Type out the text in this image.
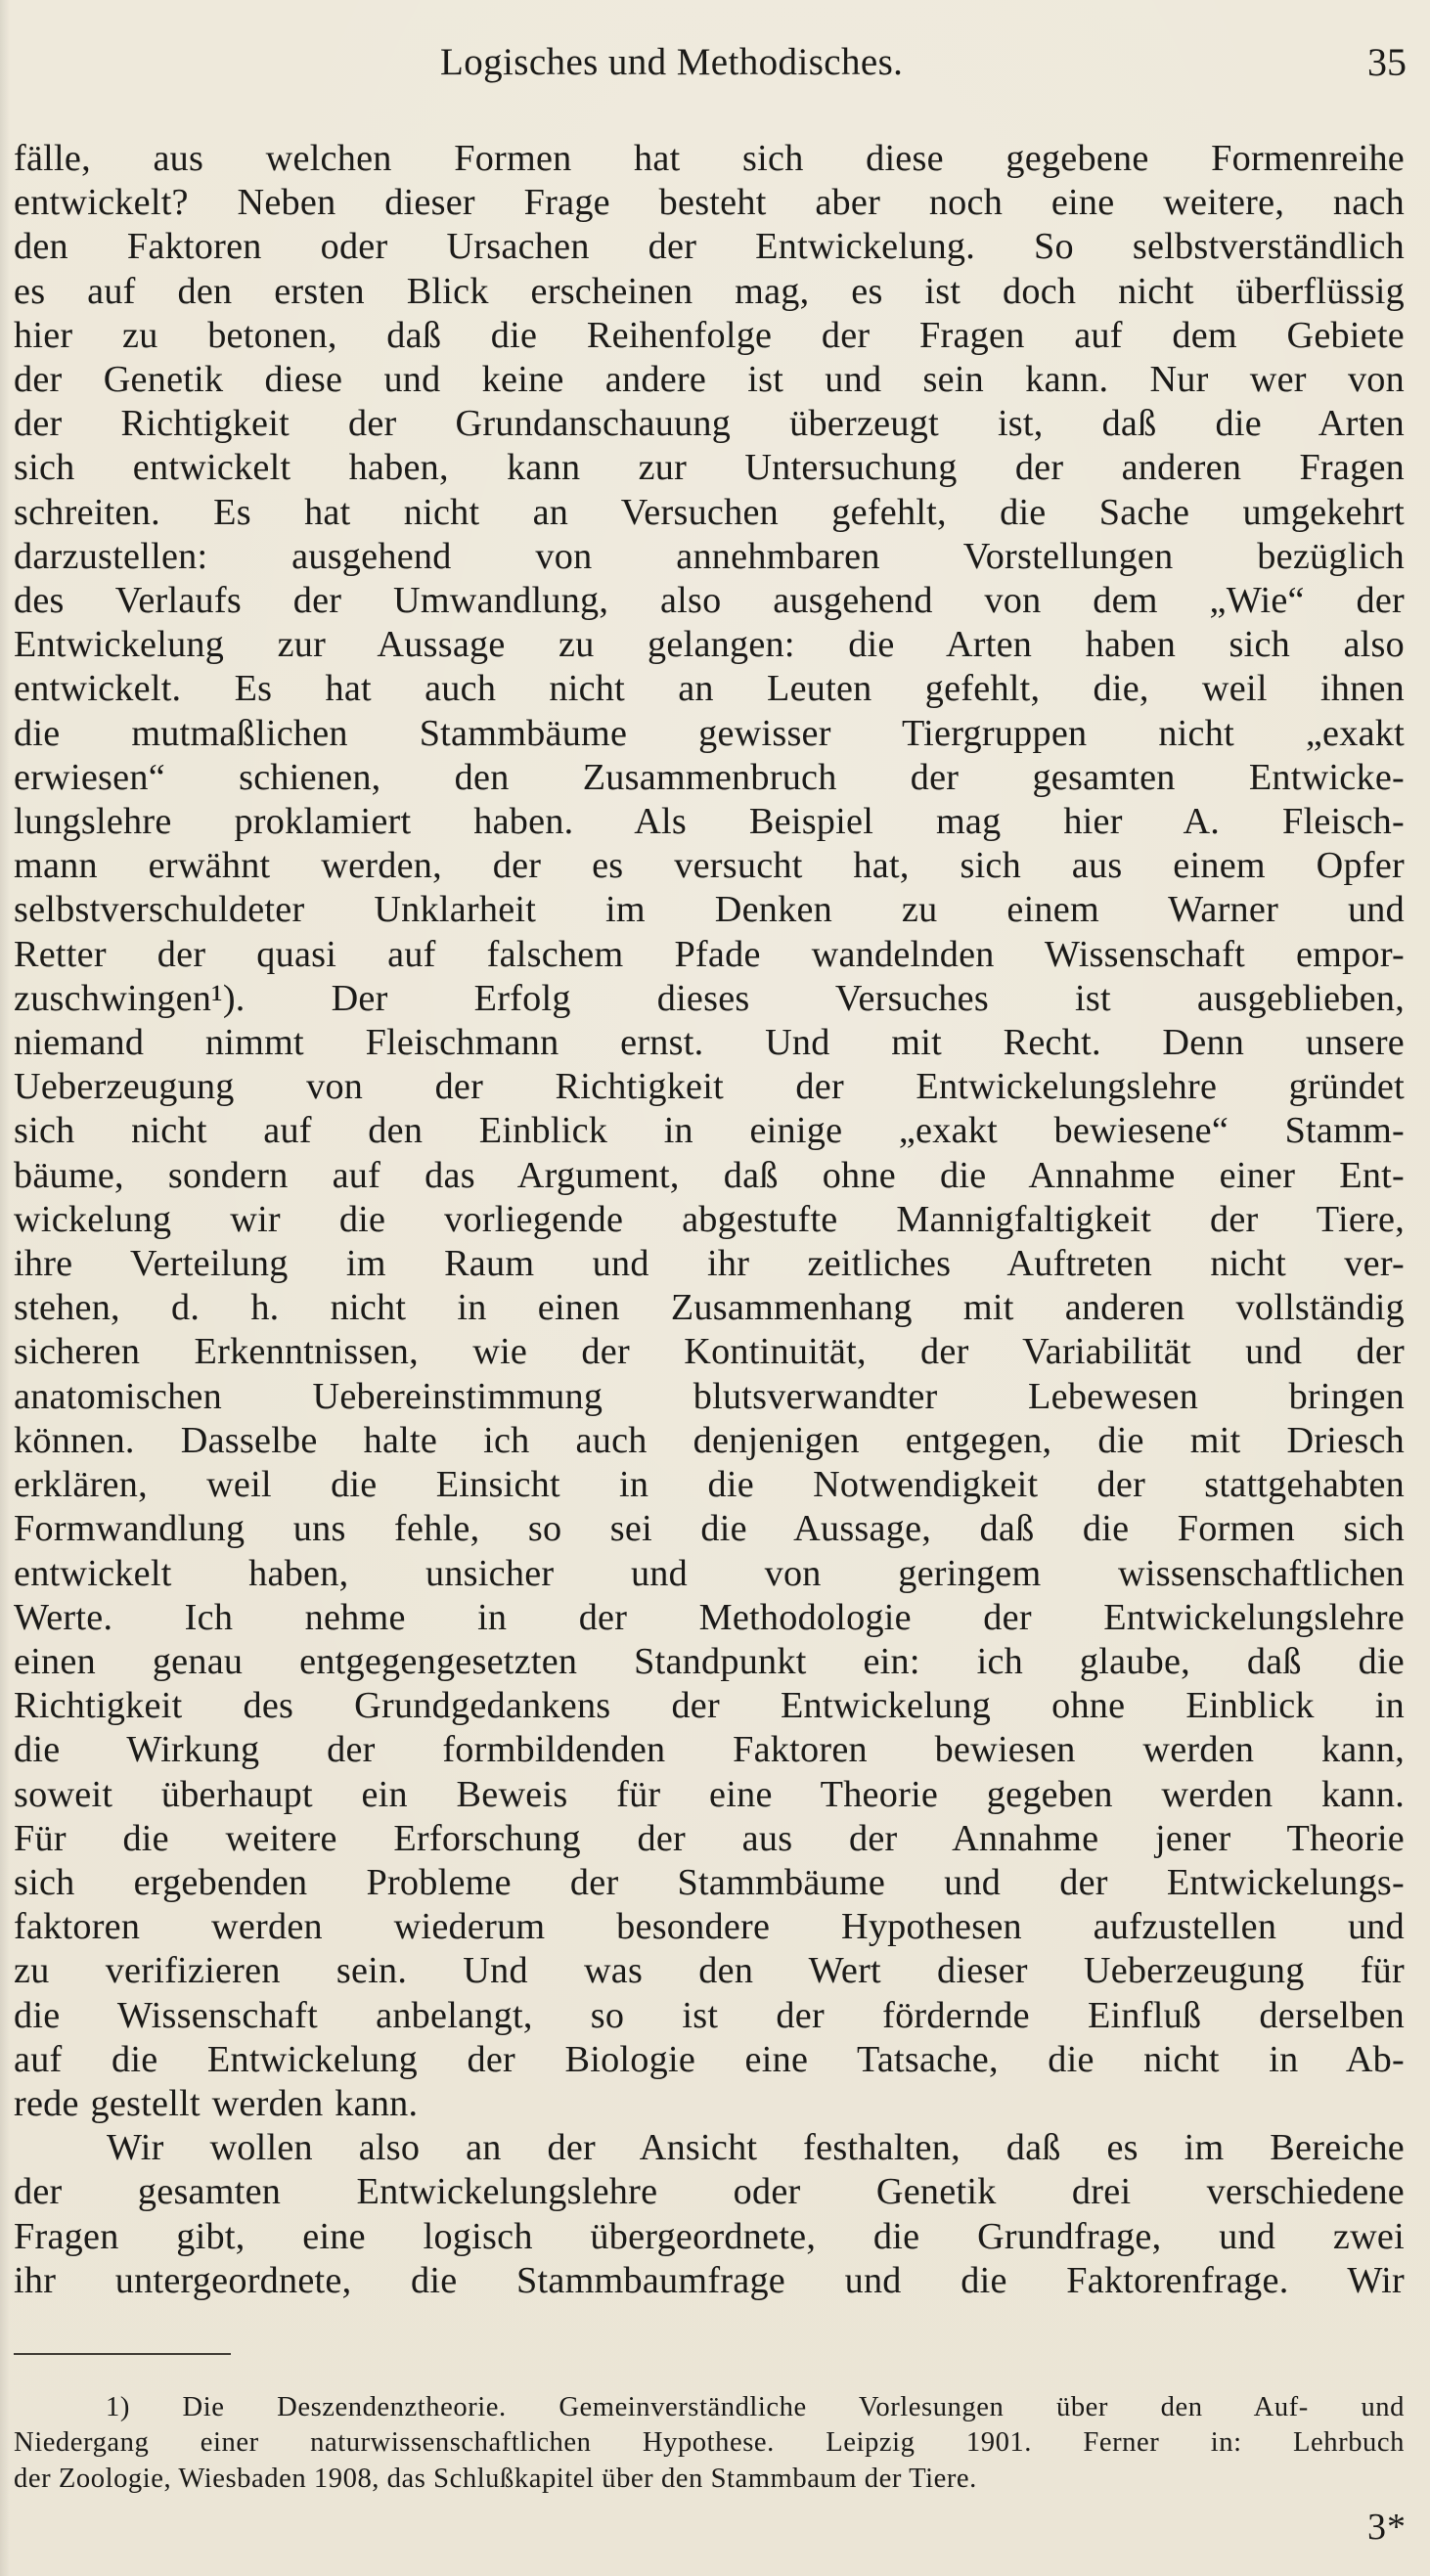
Logisches und Methodisches.	35

fälle, aus welchen Formen hat sich diese gegebene Formenreihe
entwickelt? Neben dieser Frage besteht aber noch eine weitere, nach
den Faktoren oder Ursachen der Entwickelung. So selbstverständlich
es auf den ersten Blick erscheinen mag, es ist doch nicht überflüssig
hier zu betonen, daß die Reihenfolge der Fragen auf dem Gebiete
der Genetik diese und keine andere ist und sein kann. Nur wer von
der Richtigkeit der Grundanschauung überzeugt ist, daß die Arten
sich entwickelt haben, kann zur Untersuchung der anderen Fragen
schreiten. Es hat nicht an Versuchen gefehlt, die Sache umgekehrt
darzustellen: ausgehend von annehmbaren Vorstellungen bezüglich
des Verlaufs der Umwandlung, also ausgehend von dem „Wie“ der
Entwickelung zur Aussage zu gelangen: die Arten haben sich also
entwickelt. Es hat auch nicht an Leuten gefehlt, die, weil ihnen
die mutmaßlichen Stammbäume gewisser Tiergruppen nicht „exakt
erwiesen“ schienen, den Zusammenbruch der gesamten Entwicke-
lungslehre proklamiert haben. Als Beispiel mag hier A. Fleisch-
mann erwähnt werden, der es versucht hat, sich aus einem Opfer
selbstverschuldeter Unklarheit im Denken zu einem Warner und
Retter der quasi auf falschem Pfade wandelnden Wissenschaft empor-
zuschwingen¹). Der Erfolg dieses Versuches ist ausgeblieben,
niemand nimmt Fleischmann ernst. Und mit Recht. Denn unsere
Ueberzeugung von der Richtigkeit der Entwickelungslehre gründet
sich nicht auf den Einblick in einige „exakt bewiesene“ Stamm-
bäume, sondern auf das Argument, daß ohne die Annahme einer Ent-
wickelung wir die vorliegende abgestufte Mannigfaltigkeit der Tiere,
ihre Verteilung im Raum und ihr zeitliches Auftreten nicht ver-
stehen, d. h. nicht in einen Zusammenhang mit anderen vollständig
sicheren Erkenntnissen, wie der Kontinuität, der Variabilität und der
anatomischen Uebereinstimmung blutsverwandter Lebewesen bringen
können. Dasselbe halte ich auch denjenigen entgegen, die mit Driesch
erklären, weil die Einsicht in die Notwendigkeit der stattgehabten
Formwandlung uns fehle, so sei die Aussage, daß die Formen sich
entwickelt haben, unsicher und von geringem wissenschaftlichen
Werte. Ich nehme in der Methodologie der Entwickelungslehre
einen genau entgegengesetzten Standpunkt ein: ich glaube, daß die
Richtigkeit des Grundgedankens der Entwickelung ohne Einblick in
die Wirkung der formbildenden Faktoren bewiesen werden kann,
soweit überhaupt ein Beweis für eine Theorie gegeben werden kann.
Für die weitere Erforschung der aus der Annahme jener Theorie
sich ergebenden Probleme der Stammbäume und der Entwickelungs-
faktoren werden wiederum besondere Hypothesen aufzustellen und
zu verifizieren sein. Und was den Wert dieser Ueberzeugung für
die Wissenschaft anbelangt, so ist der fördernde Einfluß derselben
auf die Entwickelung der Biologie eine Tatsache, die nicht in Ab-
rede gestellt werden kann.

Wir wollen also an der Ansicht festhalten, daß es im Bereiche
der gesamten Entwickelungslehre oder Genetik drei verschiedene
Fragen gibt, eine logisch übergeordnete, die Grundfrage, und zwei
ihr untergeordnete, die Stammbaumfrage und die Faktorenfrage. Wir

1) Die Deszendenztheorie. Gemeinverständliche Vorlesungen über den Auf- und
Niedergang einer naturwissenschaftlichen Hypothese. Leipzig 1901. Ferner in: Lehrbuch
der Zoologie, Wiesbaden 1908, das Schlußkapitel über den Stammbaum der Tiere.
3*
